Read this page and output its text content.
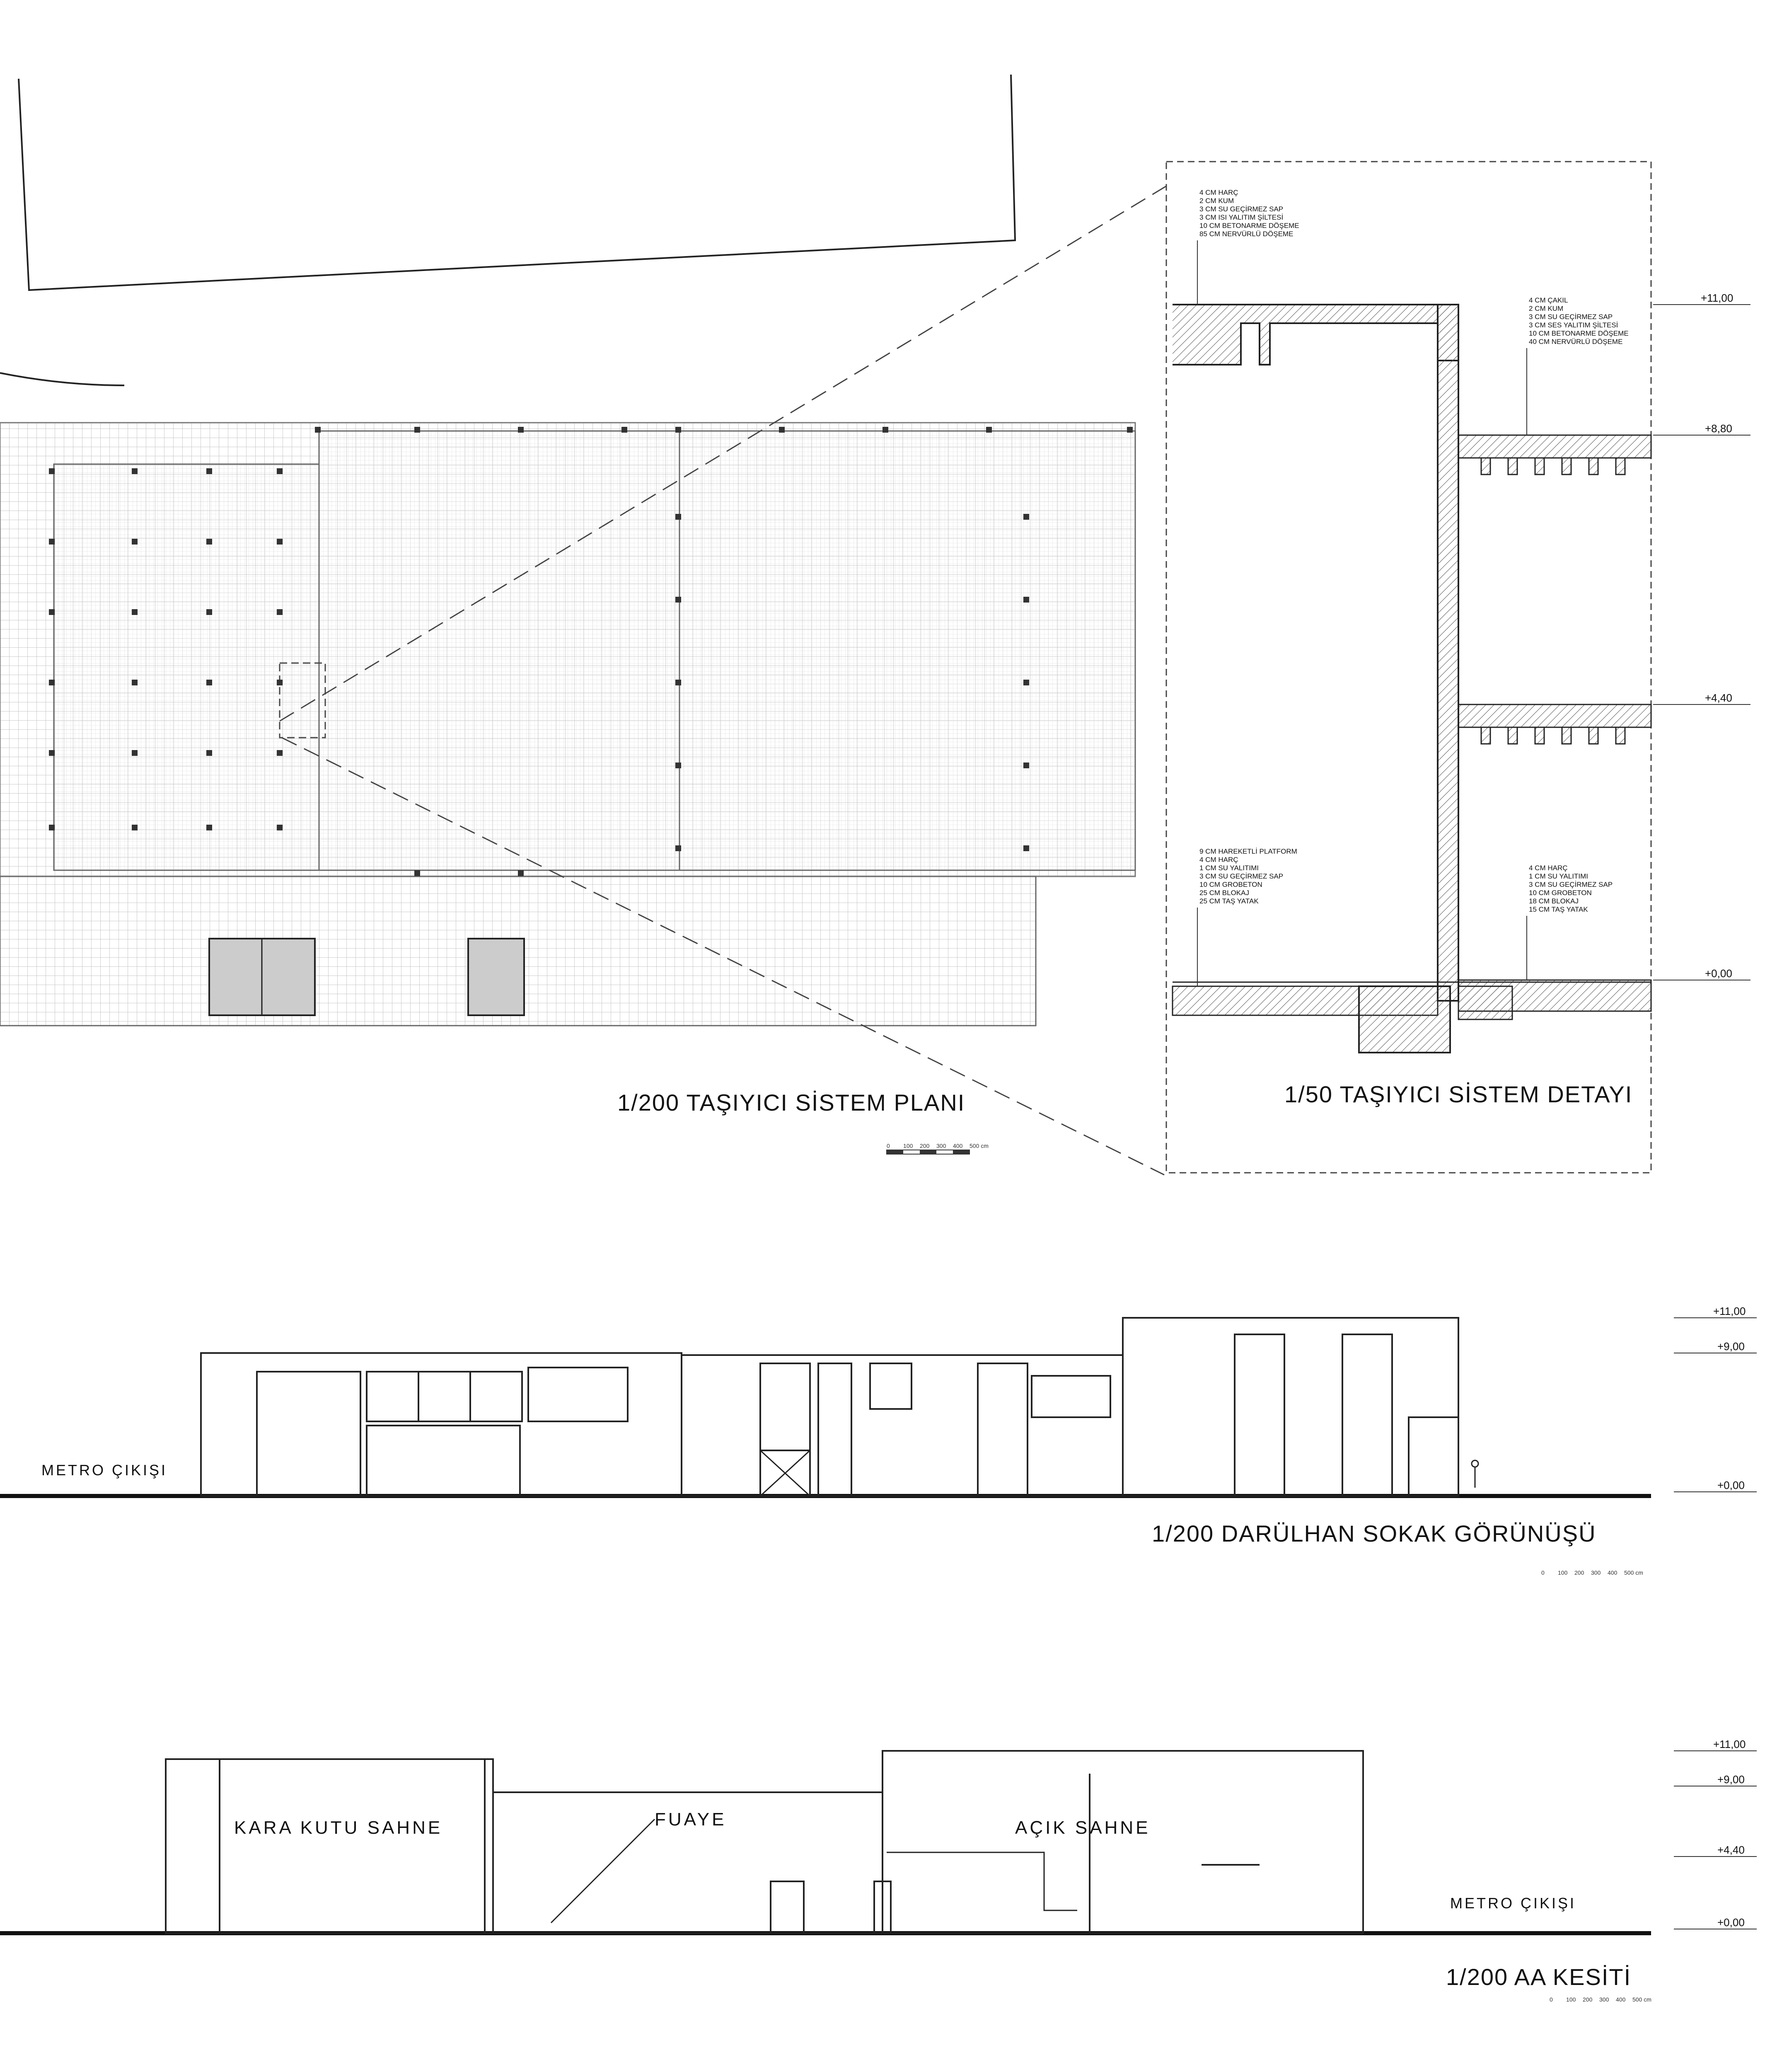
1/200 TAŞIYICI SİSTEM PLANI
4 CM HARÇ
2 CM KUM
3 CM SU GEÇİRMEZ SAP
3 CM ISI YALITIM ŞİLTESİ
10 CM BETONARME DÖŞEME
85 CM NERVÜRLÜ DÖŞEME
4 CM ÇAKIL
2 CM KUM
3 CM SU GEÇİRMEZ SAP
3 CM SES YALITIM ŞİLTESİ
10 CM BETONARME DÖŞEME
40 CM NERVÜRLÜ DÖŞEME
9 CM HAREKETLİ PLATFORM
4 CM HARÇ
1 CM SU YALITIMI
3 CM SU GEÇİRMEZ SAP
10 CM GROBETON
25 CM BLOKAJ
25 CM TAŞ YATAK
4 CM HARÇ
1 CM SU YALITIMI
3 CM SU GEÇİRMEZ SAP
10 CM GROBETON
18 CM BLOKAJ
15 CM TAŞ YATAK
+11,00
+8,80
+4,40
+0,00
1/50 TAŞIYICI SİSTEM DETAYI
+11,00
+9,00
+0,00
METRO ÇIKIŞI
1/200 DARÜLHAN SOKAK GÖRÜNÜŞÜ
KARA KUTU SAHNE	FUAYE	AÇIK SAHNE
METRO ÇIKIŞI
+11,00
+9,00
+4,40
+0,00
1/200 AA KESİTİ
0 100 200 300 400 500 cm
0 100 200 300 400 500 cm
0 100 200 300 400 500 cm
